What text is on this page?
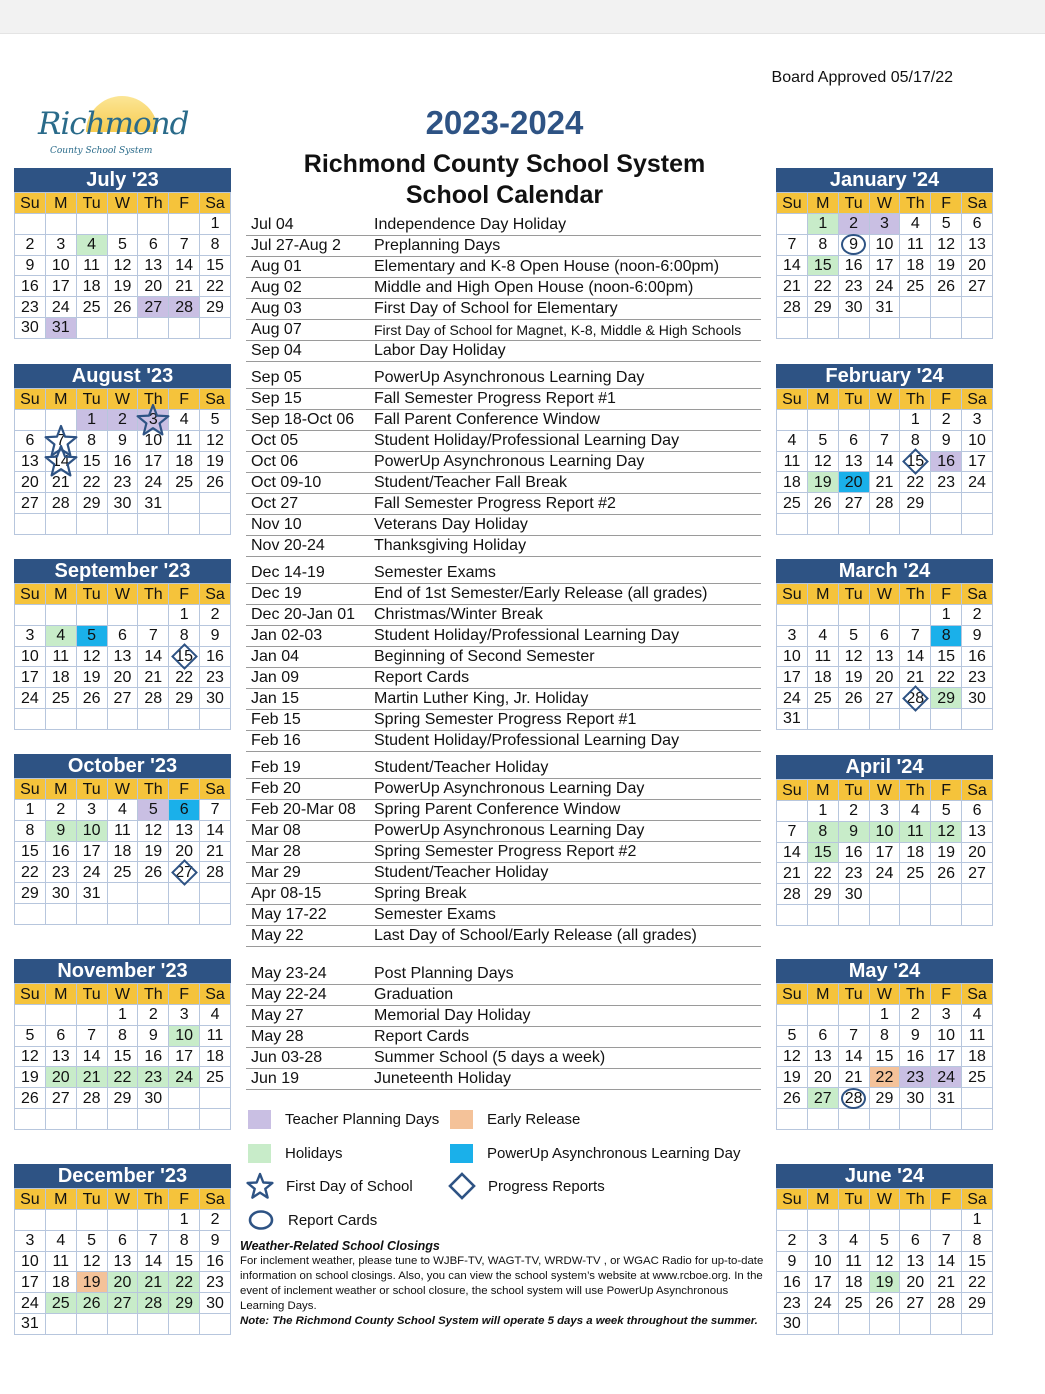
Board Approved 05/17/22
Richmond
County School System
2023-2024
Richmond County School System
School Calendar
July '23
Su	M	Tu	W	Th	F	Sa
						1
2	3	4	5	6	7	8
9	10	11	12	13	14	15
16	17	18	19	20	21	22
23	24	25	26	27	28	29
30	31					
August '23
Su	M	Tu	W	Th	F	Sa
		1	2	3	4	5
6	7	8	9	10	11	12
13	14	15	16	17	18	19
20	21	22	23	24	25	26
27	28	29	30	31		

September '23
Su	M	Tu	W	Th	F	Sa
					1	2
3	4	5	6	7	8	9
10	11	12	13	14	15	16
17	18	19	20	21	22	23
24	25	26	27	28	29	30

October '23
Su	M	Tu	W	Th	F	Sa
1	2	3	4	5	6	7
8	9	10	11	12	13	14
15	16	17	18	19	20	21
22	23	24	25	26	27	28
29	30	31				

November '23
Su	M	Tu	W	Th	F	Sa
			1	2	3	4
5	6	7	8	9	10	11
12	13	14	15	16	17	18
19	20	21	22	23	24	25
26	27	28	29	30		

December '23
Su	M	Tu	W	Th	F	Sa
					1	2
3	4	5	6	7	8	9
10	11	12	13	14	15	16
17	18	19	20	21	22	23
24	25	26	27	28	29	30
31						
January '24
Su	M	Tu	W	Th	F	Sa
	1	2	3	4	5	6
7	8	9	10	11	12	13
14	15	16	17	18	19	20
21	22	23	24	25	26	27
28	29	30	31			

February '24
Su	M	Tu	W	Th	F	Sa
				1	2	3
4	5	6	7	8	9	10
11	12	13	14	15	16	17
18	19	20	21	22	23	24
25	26	27	28	29		

March '24
Su	M	Tu	W	Th	F	Sa
					1	2
3	4	5	6	7	8	9
10	11	12	13	14	15	16
17	18	19	20	21	22	23
24	25	26	27	28	29	30
31						
April '24
Su	M	Tu	W	Th	F	Sa
	1	2	3	4	5	6
7	8	9	10	11	12	13
14	15	16	17	18	19	20
21	22	23	24	25	26	27
28	29	30				

May '24
Su	M	Tu	W	Th	F	Sa
			1	2	3	4
5	6	7	8	9	10	11
12	13	14	15	16	17	18
19	20	21	22	23	24	25
26	27	28	29	30	31	

June '24
Su	M	Tu	W	Th	F	Sa
						1
2	3	4	5	6	7	8
9	10	11	12	13	14	15
16	17	18	19	20	21	22
23	24	25	26	27	28	29
30						
Jul 04	Independence Day Holiday
Jul 27-Aug 2	Preplanning Days
Aug 01	Elementary and K-8 Open House (noon-6:00pm)
Aug 02	Middle and High Open House (noon-6:00pm)
Aug 03	First Day of School for Elementary
Aug 07	First Day of School for Magnet, K-8, Middle & High Schools
Sep 04	Labor Day Holiday
Sep 05	PowerUp Asynchronous Learning Day
Sep 15	Fall Semester Progress Report #1
Sep 18-Oct 06	Fall Parent Conference Window
Oct 05	Student Holiday/Professional Learning Day
Oct 06	PowerUp Asynchronous Learning Day
Oct 09-10	Student/Teacher Fall Break
Oct 27	Fall Semester Progress Report #2
Nov 10	Veterans Day Holiday
Nov 20-24	Thanksgiving Holiday
Dec 14-19	Semester Exams
Dec 19	End of 1st Semester/Early Release (all grades)
Dec 20-Jan 01	Christmas/Winter Break
Jan 02-03	Student Holiday/Professional Learning Day
Jan 04	Beginning of Second Semester
Jan 09	Report Cards
Jan 15	Martin Luther King, Jr. Holiday
Feb 15	Spring Semester Progress Report #1
Feb 16	Student Holiday/Professional Learning Day
Feb 19	Student/Teacher Holiday
Feb 20	PowerUp Asynchronous Learning Day
Feb 20-Mar 08	Spring Parent Conference Window
Mar 08	PowerUp Asynchronous Learning Day
Mar 28	Spring Semester Progress Report #2
Mar 29	Student/Teacher Holiday
Apr 08-15	Spring Break
May 17-22	Semester Exams
May 22	Last Day of School/Early Release (all grades)
May 23-24	Post Planning Days
May 22-24	Graduation
May 27	Memorial Day Holiday
May 28	Report Cards
Jun 03-28	Summer School (5 days a week)
Jun 19	Juneteenth Holiday
Teacher Planning Days	Early Release
Holidays	PowerUp Asynchronous Learning Day
First Day of School	Progress Reports
Report Cards
Weather-Related School Closings
For inclement weather, please tune to WJBF-TV, WAGT-TV, WRDW-TV , or WGAC Radio for up-to-date information on school closings. Also, you can view the school system’s website at www.rcboe.org. In the event of inclement weather or school closure, the school system will use PowerUp Asynchronous Learning Days.
Note: The Richmond County School System will operate 5 days a week throughout the summer.
